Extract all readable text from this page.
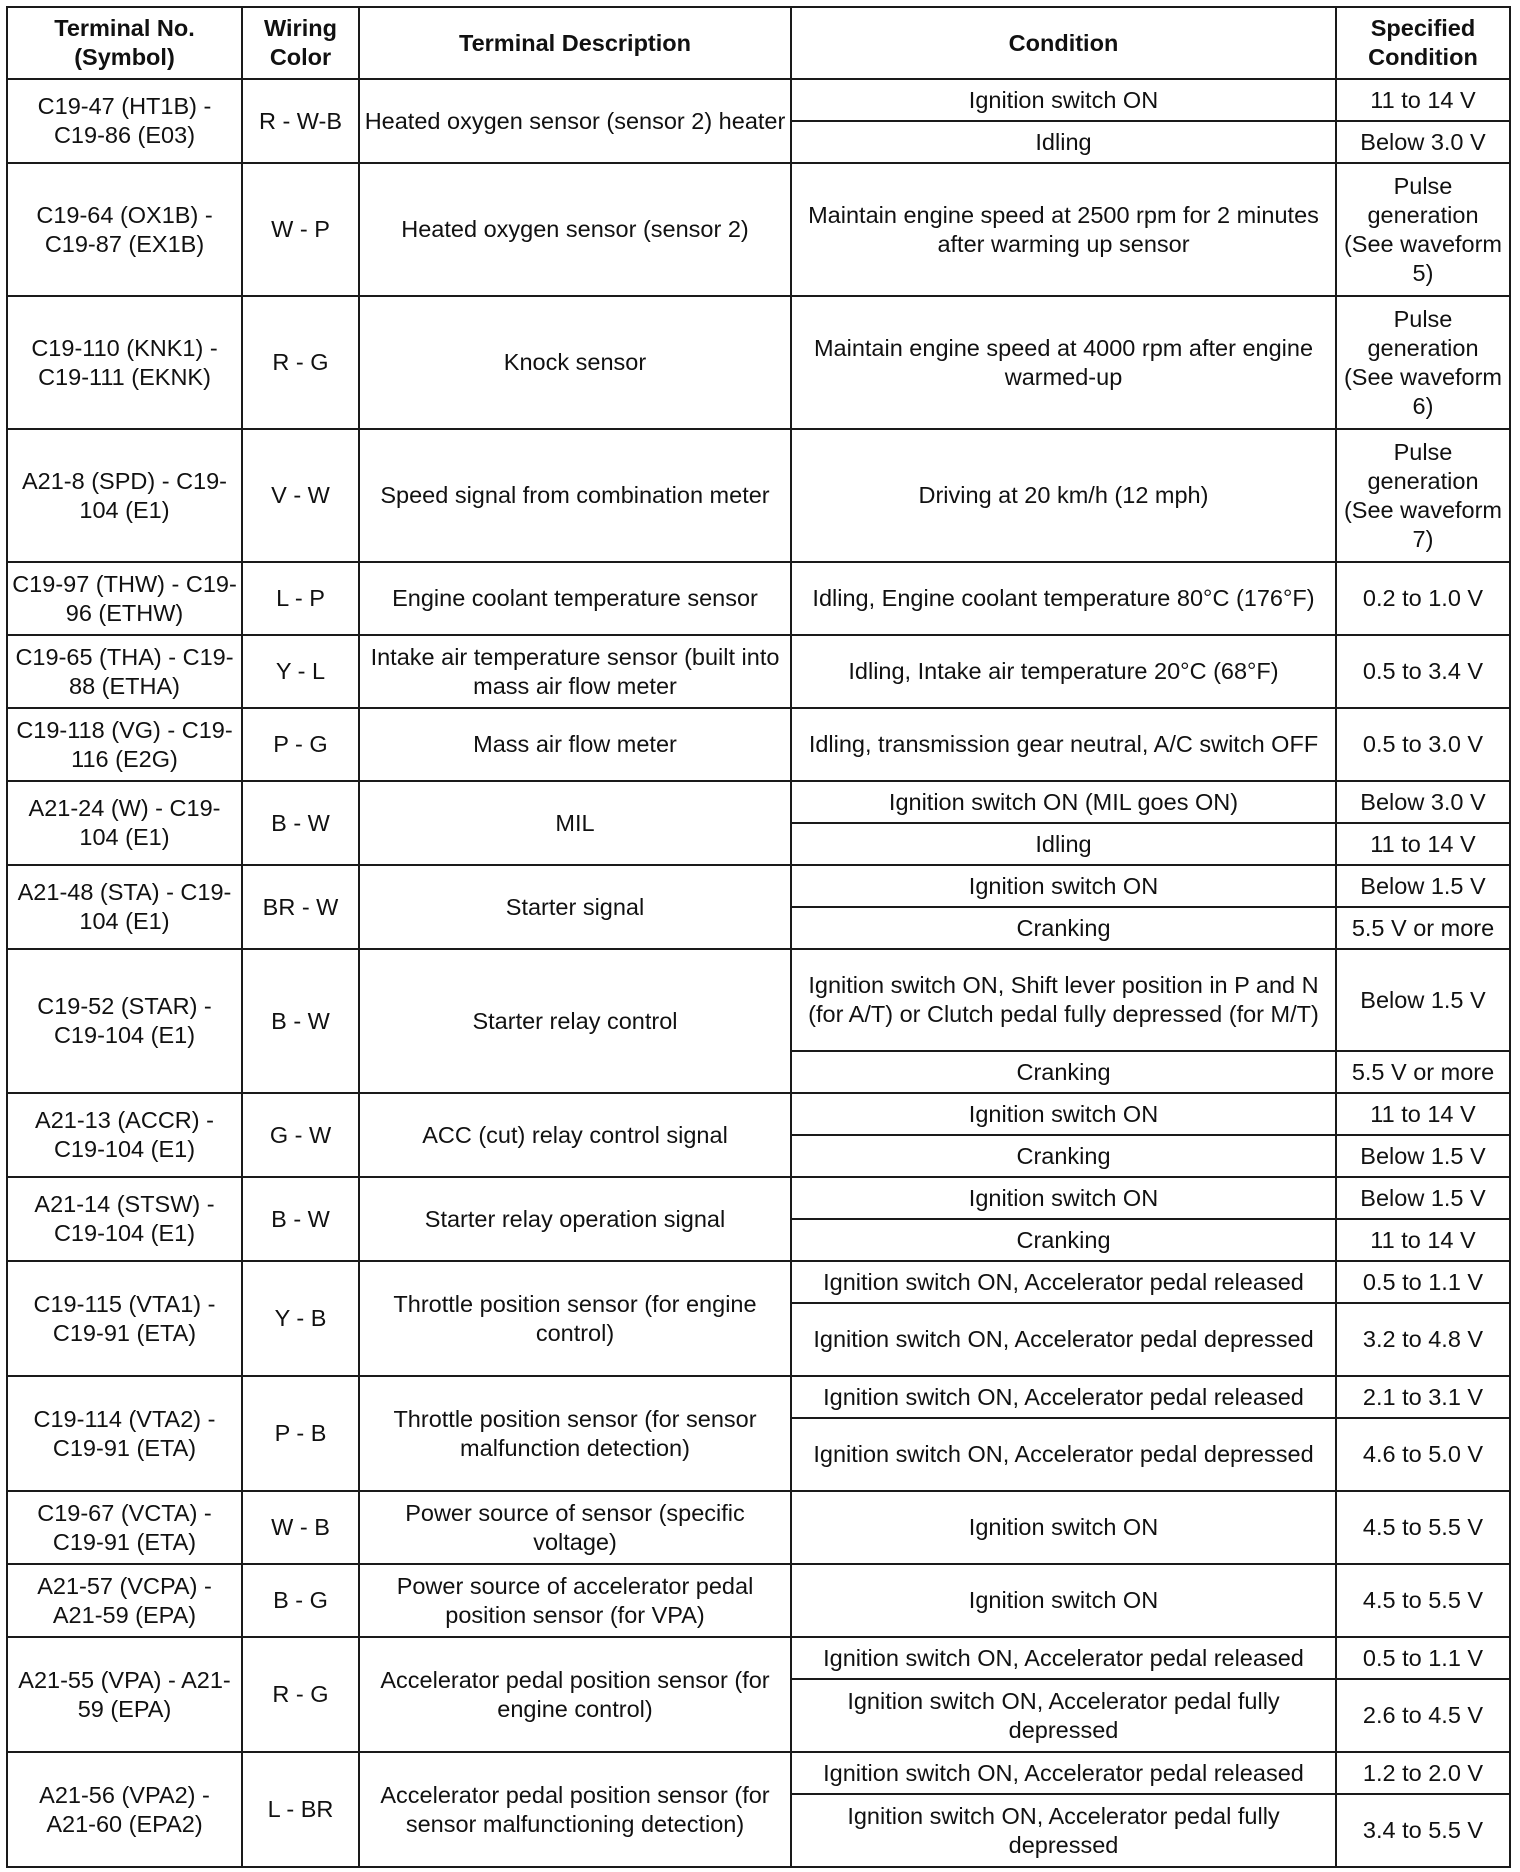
Terminal No. (Symbol)	Wiring Color	Terminal Description	Condition	Specified Condition
C19-47 (HT1B) - C19-86 (E03)	R - W-B	Heated oxygen sensor (sensor 2) heater	Ignition switch ON	11 to 14 V
			Idling	Below 3.0 V
C19-64 (OX1B) - C19-87 (EX1B)	W - P	Heated oxygen sensor (sensor 2)	Maintain engine speed at 2500 rpm for 2 minutes after warming up sensor	Pulse generation (See waveform 5)
C19-110 (KNK1) - C19-111 (EKNK)	R - G	Knock sensor	Maintain engine speed at 4000 rpm after engine warmed-up	Pulse generation (See waveform 6)
A21-8 (SPD) - C19-104 (E1)	V - W	Speed signal from combination meter	Driving at 20 km/h (12 mph)	Pulse generation (See waveform 7)
C19-97 (THW) - C19-96 (ETHW)	L - P	Engine coolant temperature sensor	Idling, Engine coolant temperature 80°C (176°F)	0.2 to 1.0 V
C19-65 (THA) - C19-88 (ETHA)	Y - L	Intake air temperature sensor (built into mass air flow meter	Idling, Intake air temperature 20°C (68°F)	0.5 to 3.4 V
C19-118 (VG) - C19-116 (E2G)	P - G	Mass air flow meter	Idling, transmission gear neutral, A/C switch OFF	0.5 to 3.0 V
A21-24 (W) - C19-104 (E1)	B - W	MIL	Ignition switch ON (MIL goes ON)	Below 3.0 V
			Idling	11 to 14 V
A21-48 (STA) - C19-104 (E1)	BR - W	Starter signal	Ignition switch ON	Below 1.5 V
			Cranking	5.5 V or more
C19-52 (STAR) - C19-104 (E1)	B - W	Starter relay control	Ignition switch ON, Shift lever position in P and N (for A/T) or Clutch pedal fully depressed (for M/T)	Below 1.5 V
			Cranking	5.5 V or more
A21-13 (ACCR) - C19-104 (E1)	G - W	ACC (cut) relay control signal	Ignition switch ON	11 to 14 V
			Cranking	Below 1.5 V
A21-14 (STSW) - C19-104 (E1)	B - W	Starter relay operation signal	Ignition switch ON	Below 1.5 V
			Cranking	11 to 14 V
C19-115 (VTA1) - C19-91 (ETA)	Y - B	Throttle position sensor (for engine control)	Ignition switch ON, Accelerator pedal released	0.5 to 1.1 V
			Ignition switch ON, Accelerator pedal depressed	3.2 to 4.8 V
C19-114 (VTA2) - C19-91 (ETA)	P - B	Throttle position sensor (for sensor malfunction detection)	Ignition switch ON, Accelerator pedal released	2.1 to 3.1 V
			Ignition switch ON, Accelerator pedal depressed	4.6 to 5.0 V
C19-67 (VCTA) - C19-91 (ETA)	W - B	Power source of sensor (specific voltage)	Ignition switch ON	4.5 to 5.5 V
A21-57 (VCPA) - A21-59 (EPA)	B - G	Power source of accelerator pedal position sensor (for VPA)	Ignition switch ON	4.5 to 5.5 V
A21-55 (VPA) - A21-59 (EPA)	R - G	Accelerator pedal position sensor (for engine control)	Ignition switch ON, Accelerator pedal released	0.5 to 1.1 V
			Ignition switch ON, Accelerator pedal fully depressed	2.6 to 4.5 V
A21-56 (VPA2) - A21-60 (EPA2)	L - BR	Accelerator pedal position sensor (for sensor malfunctioning detection)	Ignition switch ON, Accelerator pedal released	1.2 to 2.0 V
			Ignition switch ON, Accelerator pedal fully depressed	3.4 to 5.5 V
